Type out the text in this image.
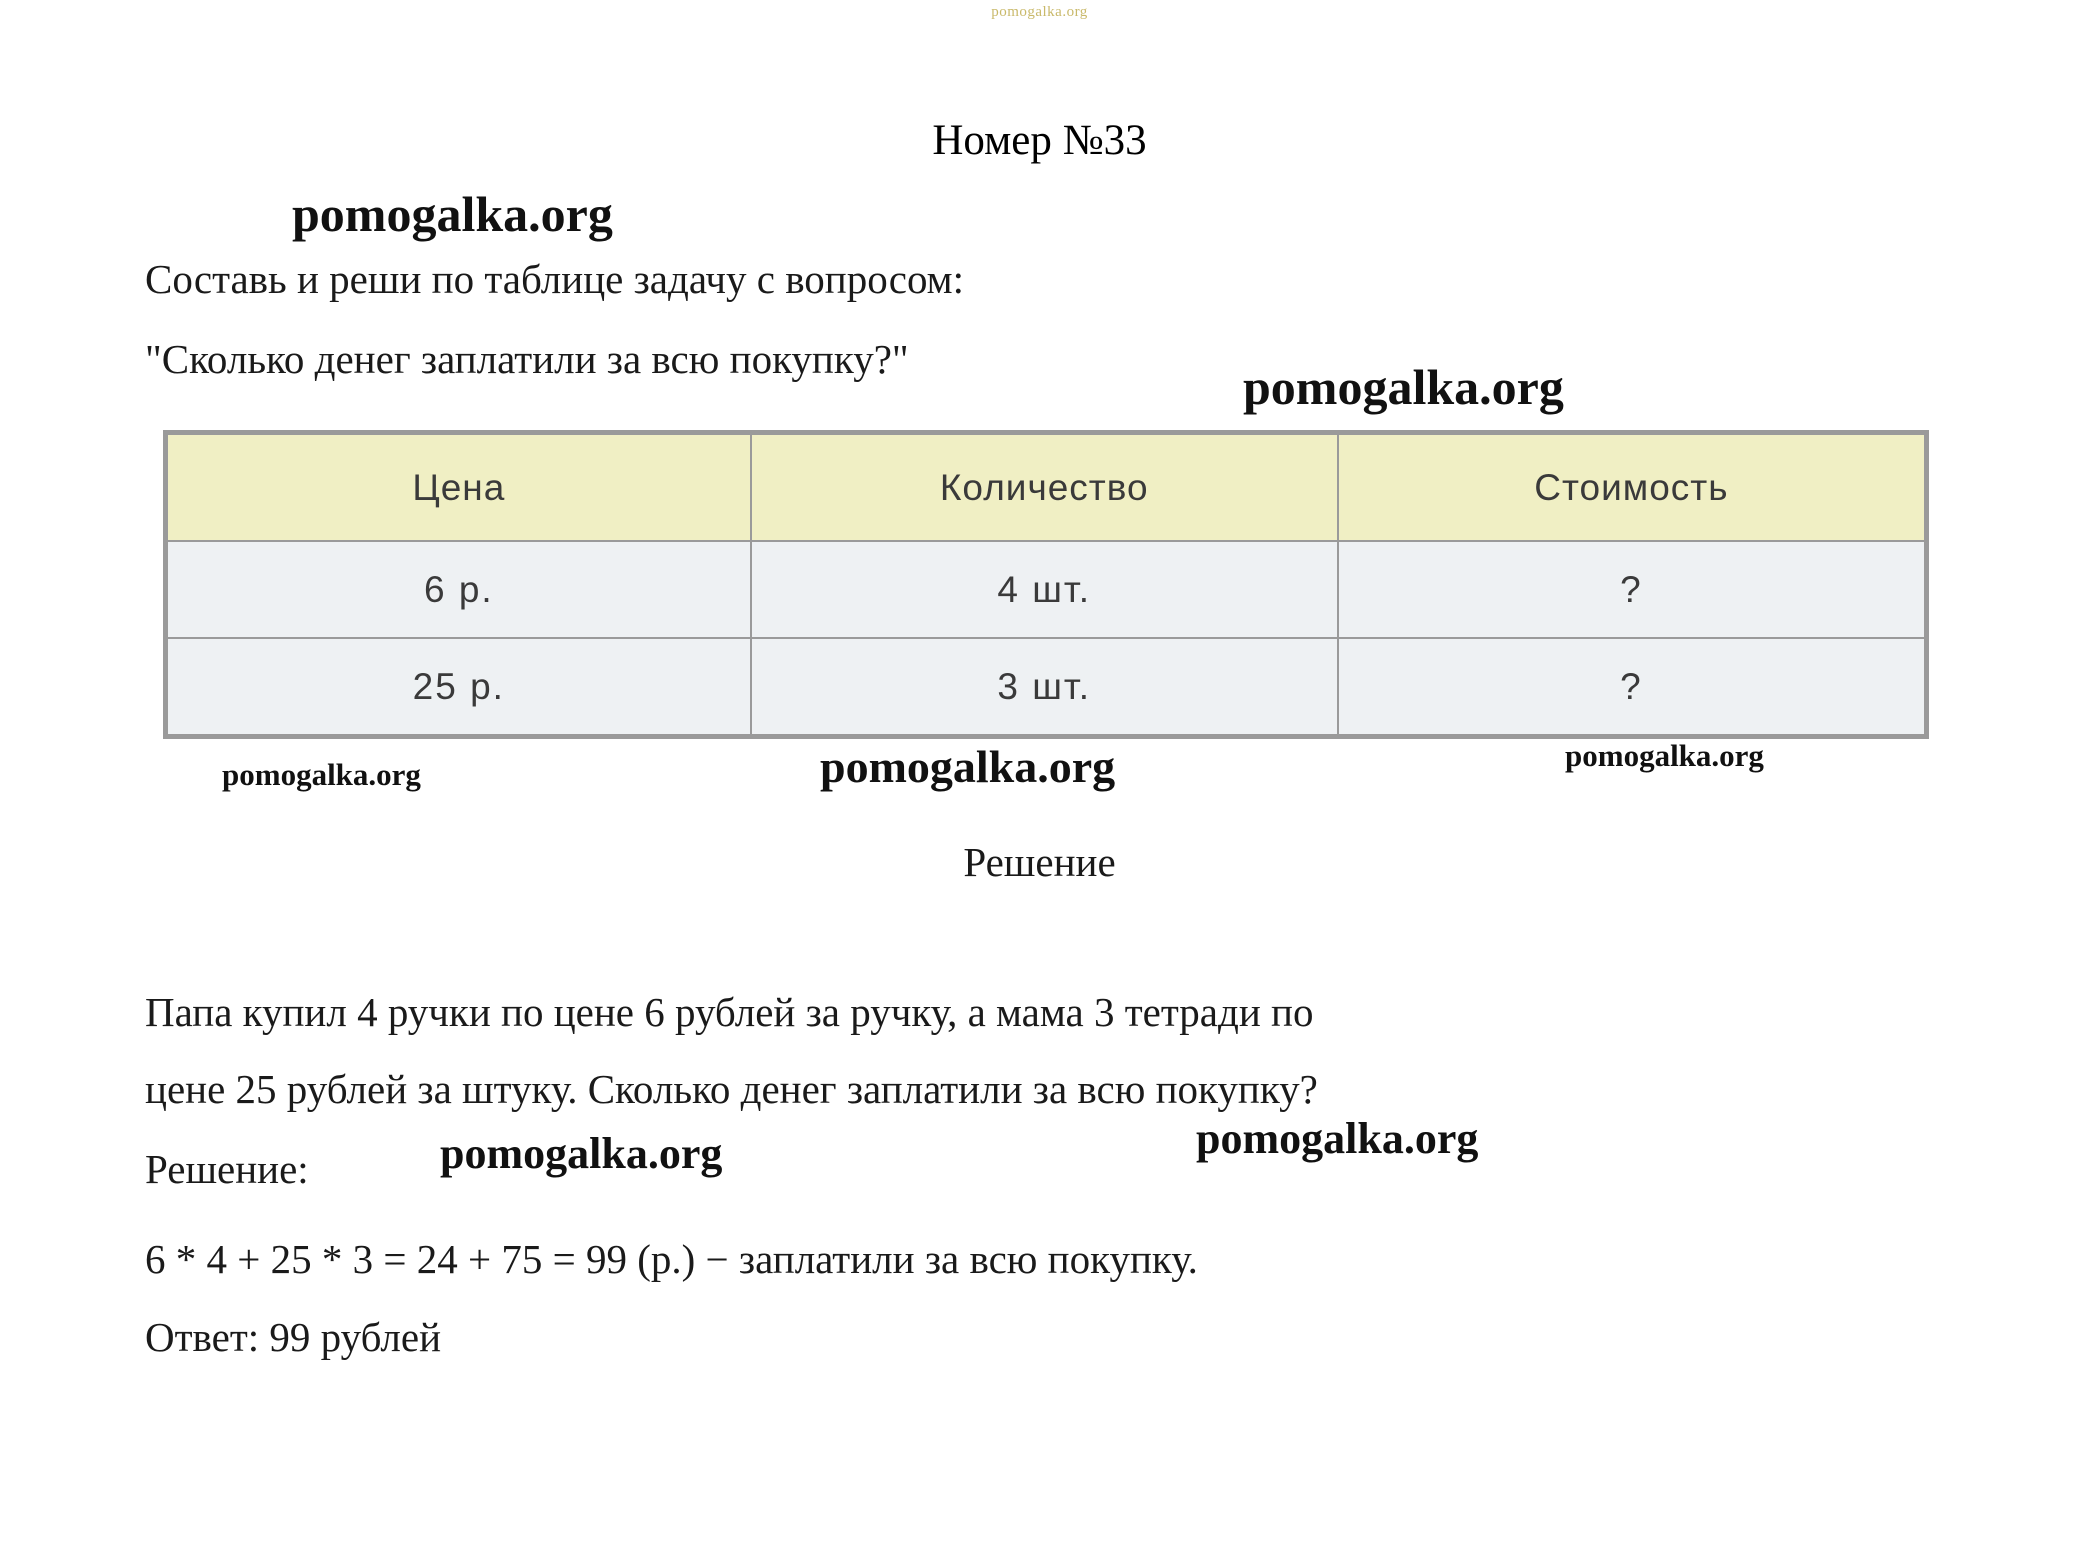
pomogalka.org
Номер №33
Составь и реши по таблице задачу с вопросом:
"Сколько денег заплатили за всю покупку?"
Цена	Количество	Стоимость
6 р.	4 шт.	?
25 р.	3 шт.	?
Решение
Папа купил 4 ручки по цене 6 рублей за ручку, а мама 3 тетради по
цене 25 рублей за штуку. Сколько денег заплатили за всю покупку?
Решение:
6 * 4 + 25 * 3 = 24 + 75 = 99 (р.) − заплатили за всю покупку.
Ответ: 99 рублей
pomogalka.org
pomogalka.org
pomogalka.org	pomogalka.org
pomogalka.org
pomogalka.org	pomogalka.org
